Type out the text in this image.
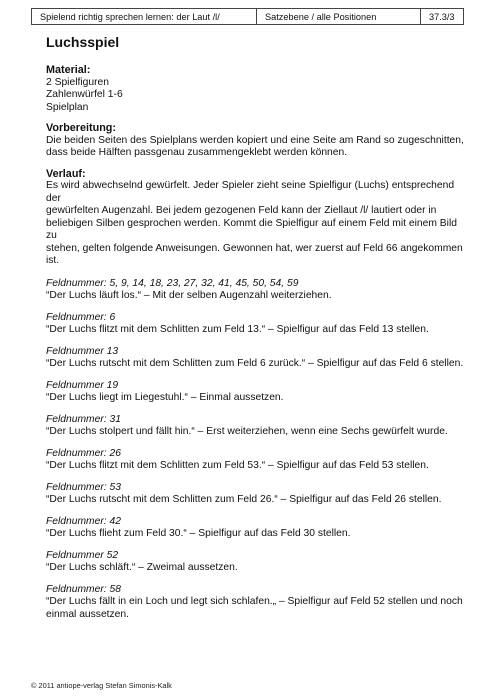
Spielend richtig sprechen lernen: der Laut /l/	Satzebene / alle Positionen	37.3/3
Luchsspiel
Material:
2 Spielfiguren
Zahlenwürfel 1-6
Spielplan
Vorbereitung:
Die beiden Seiten des Spielplans werden kopiert und eine Seite am Rand so zugeschnitten,
dass beide Hälften passgenau zusammengeklebt werden können.
Verlauf:
Es wird abwechselnd gewürfelt. Jeder Spieler zieht seine Spielfigur (Luchs) entsprechend der
gewürfelten Augenzahl. Bei jedem gezogenen Feld kann der Ziellaut /l/ lautiert oder in
beliebigen Silben gesprochen werden. Kommt die Spielfigur auf einem Feld mit einem Bild zu
stehen, gelten folgende Anweisungen. Gewonnen hat, wer zuerst auf Feld 66 angekommen ist.
Feldnummer: 5, 9, 14, 18, 23, 27, 32, 41, 45, 50, 54, 59
“Der Luchs läuft los.“ – Mit der selben Augenzahl weiterziehen.
Feldnummer: 6
“Der Luchs flitzt mit dem Schlitten zum Feld 13.“ – Spielfigur auf das Feld 13 stellen.
Feldnummer 13
“Der Luchs rutscht mit dem Schlitten zum Feld 6 zurück.“ – Spielfigur auf das Feld 6 stellen.
Feldnummer 19
“Der Luchs liegt im Liegestuhl.“ – Einmal aussetzen.
Feldnummer: 31
“Der Luchs stolpert und fällt hin.“ – Erst weiterziehen, wenn eine Sechs gewürfelt wurde.
Feldnummer: 26
“Der Luchs flitzt mit dem Schlitten zum Feld 53.“ – Spielfigur auf das Feld 53 stellen.
Feldnummer: 53
“Der Luchs rutscht mit dem Schlitten zum Feld 26.“ – Spielfigur auf das Feld 26 stellen.
Feldnummer: 42
“Der Luchs flieht zum Feld 30.“ – Spielfigur auf das Feld 30 stellen.
Feldnummer 52
“Der Luchs schläft.“ – Zweimal aussetzen.
Feldnummer: 58
“Der Luchs fällt in ein Loch und legt sich schlafen.„ – Spielfigur auf Feld 52 stellen und noch
einmal aussetzen.
© 2011 antiope-verlag Stefan Simonis-Kalk
